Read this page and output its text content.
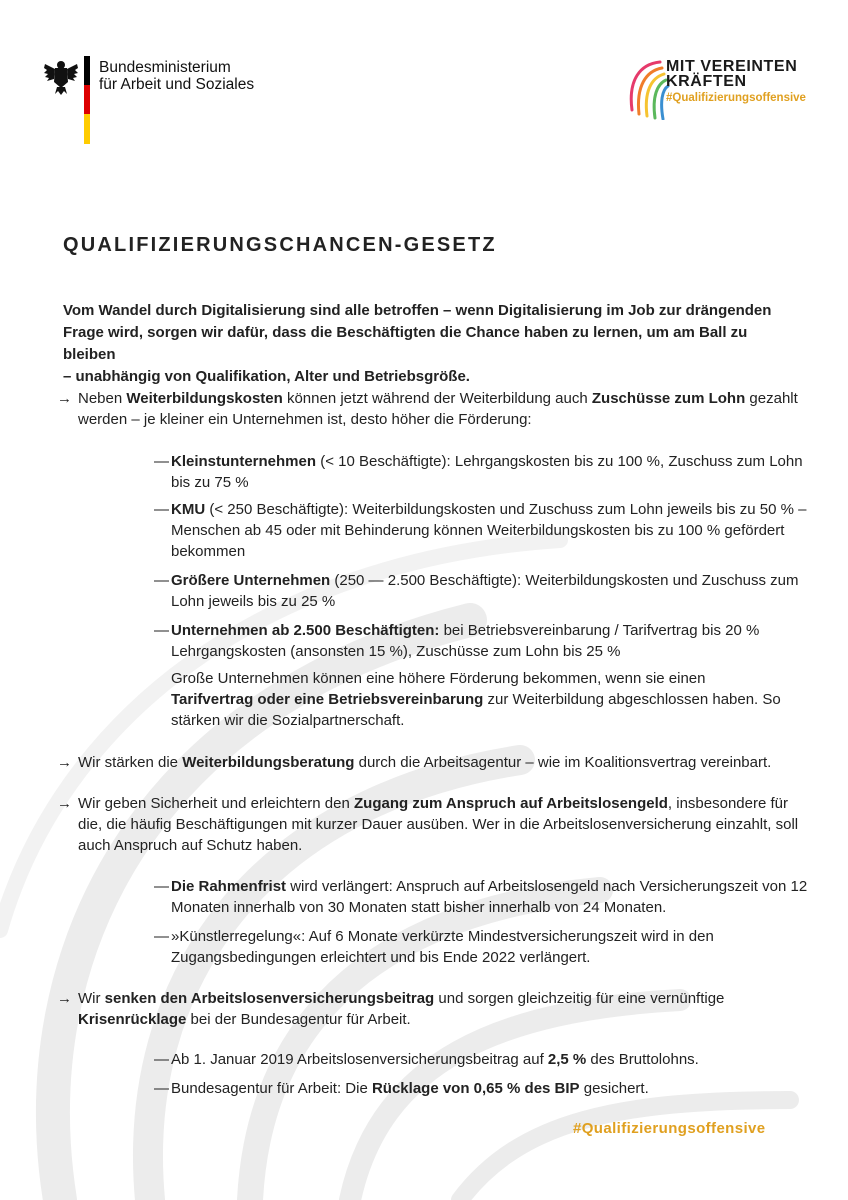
Bundesministerium
für Arbeit und Soziales
MIT VEREINTEN
KRÄFTEN
#Qualifizierungsoffensive
QUALIFIZIERUNGSCHANCEN-GESETZ
Vom Wandel durch Digitalisierung sind alle betroffen – wenn Digitalisierung im Job zur drängenden
Frage wird, sorgen wir dafür, dass die Beschäftigten die Chance haben zu lernen, um am Ball zu bleiben
– unabhängig von Qualifikation, Alter und Betriebsgröße.
→ Neben Weiterbildungskosten können jetzt während der Weiterbildung auch Zuschüsse zum Lohn gezahlt werden – je kleiner ein Unternehmen ist, desto höher die Förderung:
— Kleinstunternehmen (< 10 Beschäftigte): Lehrgangskosten bis zu 100 %, Zuschuss zum Lohn bis zu 75 %
— KMU (< 250 Beschäftigte): Weiterbildungskosten und Zuschuss zum Lohn jeweils bis zu 50 % – Menschen ab 45 oder mit Behinderung können Weiterbildungskosten bis zu 100 % gefördert bekommen
— Größere Unternehmen (250 — 2.500 Beschäftigte): Weiterbildungskosten und Zuschuss zum Lohn jeweils bis zu 25 %
— Unternehmen ab 2.500 Beschäftigten: bei Betriebsvereinbarung / Tarifvertrag bis 20 % Lehrgangskosten (ansonsten 15 %), Zuschüsse zum Lohn bis 25 %
Große Unternehmen können eine höhere Förderung bekommen, wenn sie einen Tarifvertrag oder eine Betriebsvereinbarung zur Weiterbildung abgeschlossen haben. So stärken wir die Sozialpartnerschaft.
→ Wir stärken die Weiterbildungsberatung durch die Arbeitsagentur – wie im Koalitionsvertrag vereinbart.
→ Wir geben Sicherheit und erleichtern den Zugang zum Anspruch auf Arbeitslosengeld, insbesondere für die, die häufig Beschäftigungen mit kurzer Dauer ausüben. Wer in die Arbeitslosenversicherung einzahlt, soll auch Anspruch auf Schutz haben.
— Die Rahmenfrist wird verlängert: Anspruch auf Arbeitslosengeld nach Versicherungszeit von 12 Monaten innerhalb von 30 Monaten statt bisher innerhalb von 24 Monaten.
— »Künstlerregelung«: Auf 6 Monate verkürzte Mindestversicherungszeit wird in den Zugangsbedingungen erleichtert und bis Ende 2022 verlängert.
→ Wir senken den Arbeitslosenversicherungsbeitrag und sorgen gleichzeitig für eine vernünftige Krisenrücklage bei der Bundesagentur für Arbeit.
— Ab 1. Januar 2019 Arbeitslosenversicherungsbeitrag auf 2,5 % des Bruttolohns.
— Bundesagentur für Arbeit: Die Rücklage von 0,65 % des BIP gesichert.
#Qualifizierungsoffensive
